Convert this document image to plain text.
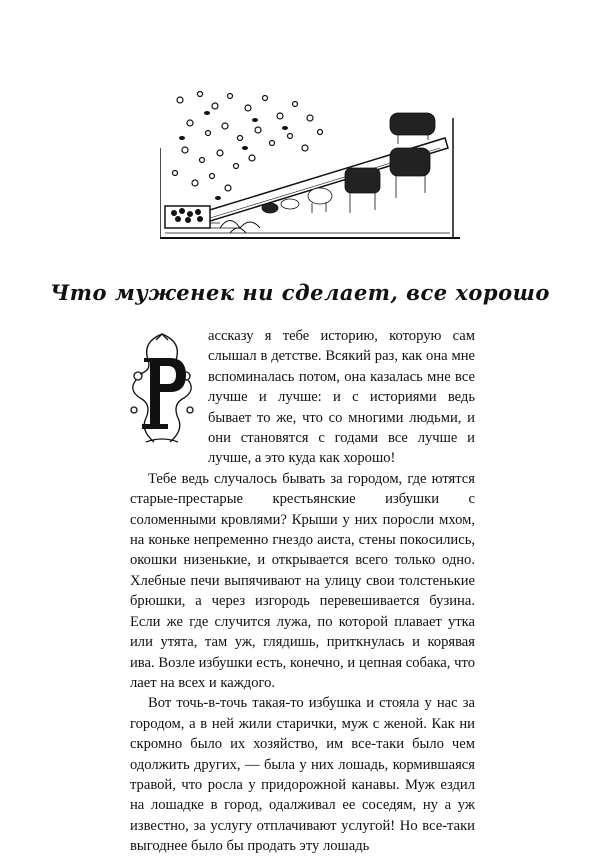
Что муженек ни сделает, все хорошо

ассказу я тебе историю, которую сам слышал в детстве. Всякий раз, как она мне вспоминалась потом, она казалась мне все лучше и лучше: и с историями ведь бывает то же, что со многими людьми, и они становятся с годами все лучше и лучше, а это куда как хорошо!

Тебе ведь случалось бывать за городом, где ютятся старые-престарые крестьянские избушки с соломенными кровлями? Крыши у них поросли мхом, на коньке непременно гнездо аиста, стены покосились, окошки низенькие, и открывается всего только одно. Хлебные печи выпячивают на улицу свои толстенькие брюшки, а через изгородь перевешивается бузина. Если же где случится лужа, по которой плавает утка или утята, там уж, глядишь, приткнулась и корявая ива. Возле избушки есть, конечно, и цепная собака, что лает на всех и каждого.

Вот точь-в-точь такая-то избушка и стояла у нас за городом, а в ней жили старички, муж с женой. Как ни скромно было их хозяйство, им все-таки было чем одолжить других, — была у них лошадь, кормившаяся травой, что росла у придорожной канавы. Муж ездил на лошадке в город, одалживал ее соседям, ну а уж известно, за услугу отплачивают услугой! Но все-таки выгоднее было бы продать эту лошадь
